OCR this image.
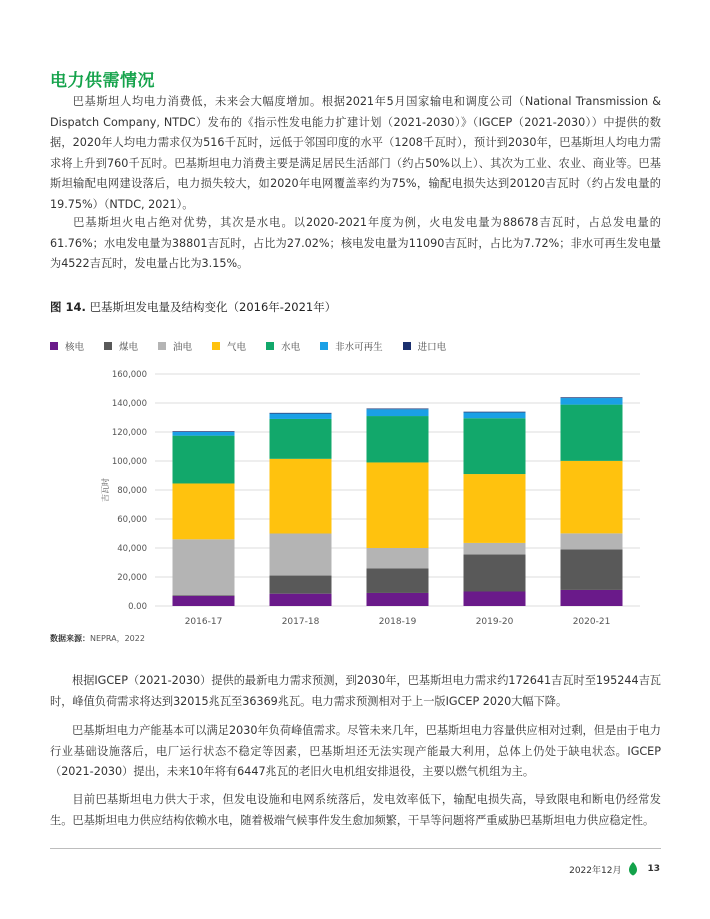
电力供需情况
巴基斯坦人均电力消费低，未来会大幅度增加。根据2021年5月国家输电和调度公司（National Transmission & Dispatch Company, NTDC）发布的《指示性发电能力扩建计划（2021-2030）》（IGCEP（2021-2030））中提供的数据，2020年人均电力需求仅为516千瓦时，远低于邻国印度的水平（1208千瓦时），预计到2030年，巴基斯坦人均电力需求将上升到760千瓦时。巴基斯坦电力消费主要是满足居民生活部门（约占50%以上）、其次为工业、农业、商业等。巴基斯坦输配电网建设落后，电力损失较大，如2020年电网覆盖率约为75%，输配电损失达到20120吉瓦时（约占发电量的19.75%）（NTDC, 2021）。
巴基斯坦火电占绝对优势，其次是水电。以2020-2021年度为例，火电发电量为88678吉瓦时，占总发电量的61.76%；水电发电量为38801吉瓦时，占比为27.02%；核电发电量为11090吉瓦时，占比为7.72%；非水可再生发电量为4522吉瓦时，发电量占比为3.15%。
图 14. 巴基斯坦发电量及结构变化（2016年-2021年）
核电	煤电	油电	气电	水电	非水可再生	进口电
0.00
20,000
40,000
60,000
80,000
100,000
120,000
140,000
160,000
吉瓦时
2016-17	2017-18	2018-19	2019-20	2020-21
数据来源：NEPRA，2022
根据IGCEP（2021-2030）提供的最新电力需求预测，到2030年，巴基斯坦电力需求约172641吉瓦时至195244吉瓦时，峰值负荷需求将达到32015兆瓦至36369兆瓦。电力需求预测相对于上一版IGCEP 2020大幅下降。
巴基斯坦电力产能基本可以满足2030年负荷峰值需求。尽管未来几年，巴基斯坦电力容量供应相对过剩，但是由于电力行业基础设施落后，电厂运行状态不稳定等因素，巴基斯坦还无法实现产能最大利用，总体上仍处于缺电状态。IGCEP（2021-2030）提出，未来10年将有6447兆瓦的老旧火电机组安排退役，主要以燃气机组为主。
目前巴基斯坦电力供大于求，但发电设施和电网系统落后，发电效率低下，输配电损失高，导致限电和断电仍经常发生。巴基斯坦电力供应结构依赖水电，随着极端气候事件发生愈加频繁，干旱等问题将严重威胁巴基斯坦电力供应稳定性。
2022年12月	13
